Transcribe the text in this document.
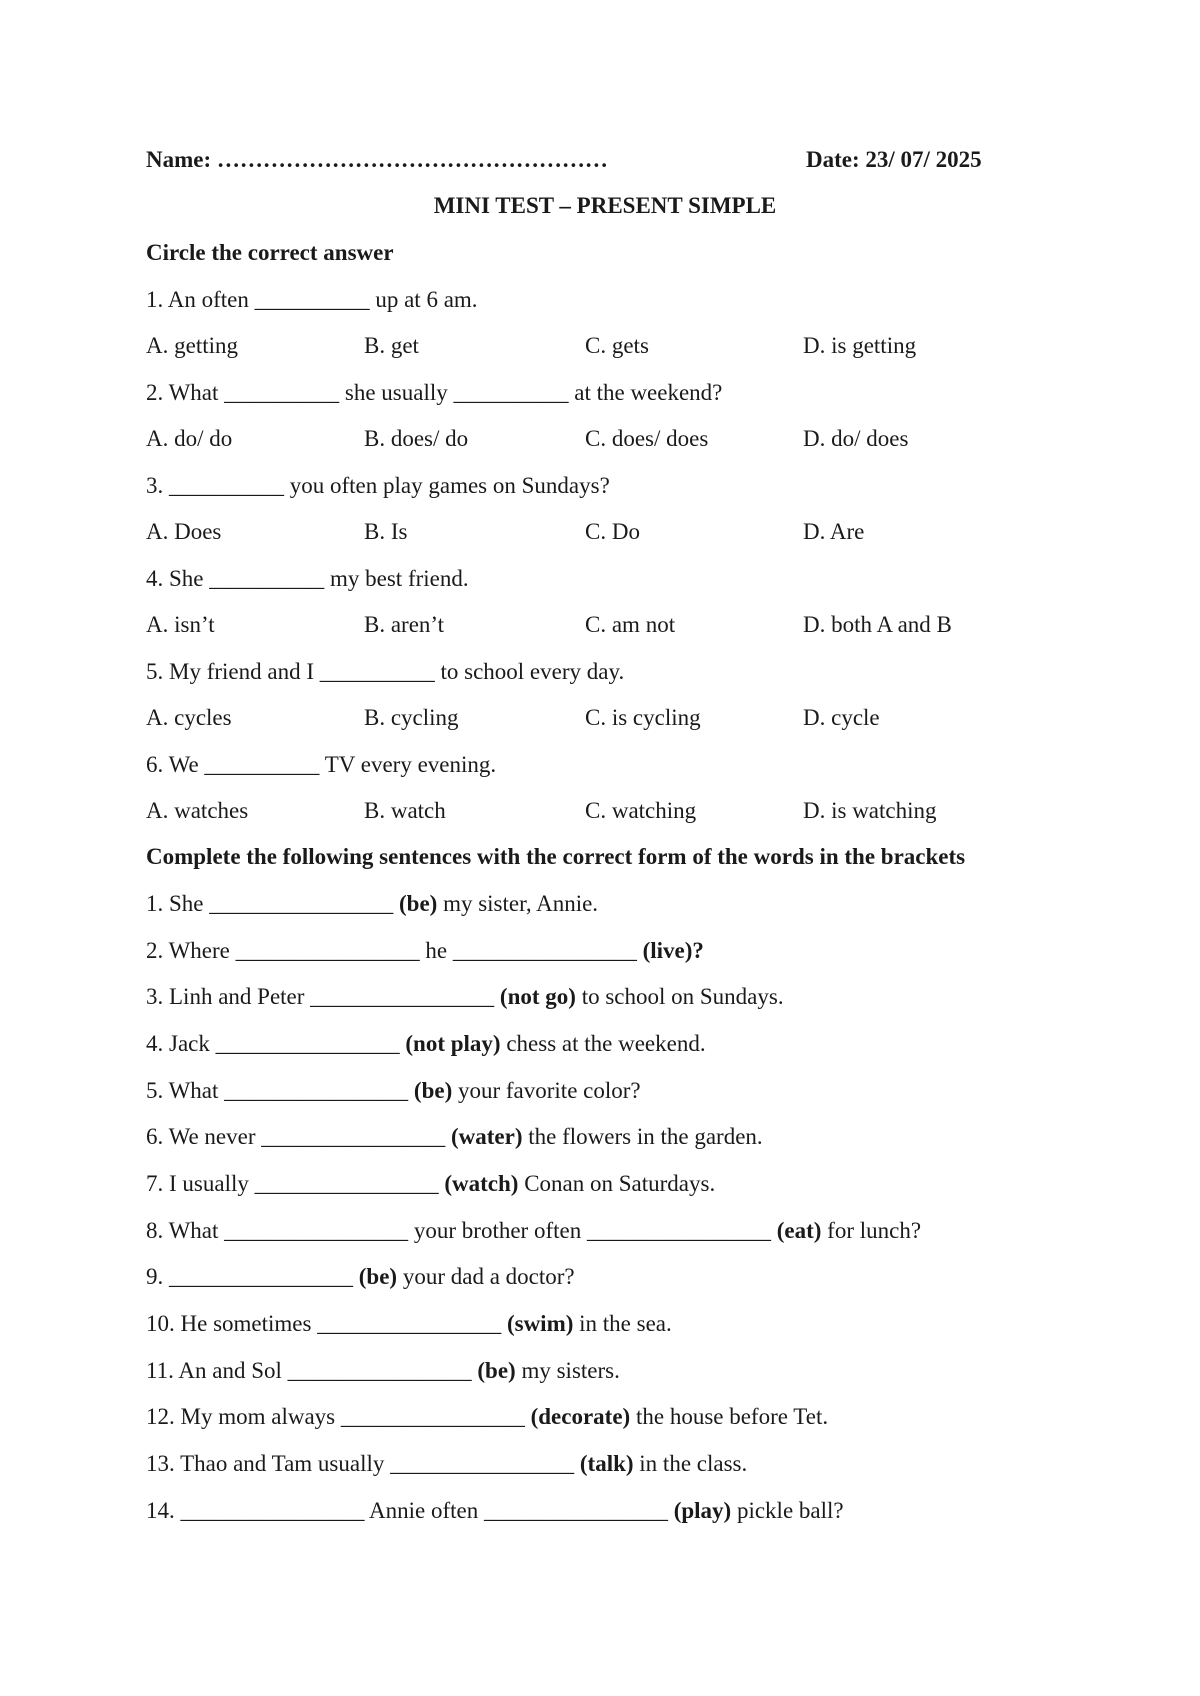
Name: ……………………………………………	Date: 23/ 07/ 2025
MINI TEST – PRESENT SIMPLE
Circle the correct answer
1. An often __________ up at 6 am.
A. getting	B. get	C. gets	D. is getting
2. What __________ she usually __________ at the weekend?
A. do/ do	B. does/ do	C. does/ does	D. do/ does
3. __________ you often play games on Sundays?
A. Does	B. Is	C. Do	D. Are
4. She __________ my best friend.
A. isn’t	B. aren’t	C. am not	D. both A and B
5. My friend and I __________ to school every day.
A. cycles	B. cycling	C. is cycling	D. cycle
6. We __________ TV every evening.
A. watches	B. watch	C. watching	D. is watching
Complete the following sentences with the correct form of the words in the brackets
1. She ________________ (be) my sister, Annie.
2. Where ________________ he ________________ (live)?
3. Linh and Peter ________________ (not go) to school on Sundays.
4. Jack ________________ (not play) chess at the weekend.
5. What ________________ (be) your favorite color?
6. We never ________________ (water) the flowers in the garden.
7. I usually ________________ (watch) Conan on Saturdays.
8. What ________________ your brother often ________________ (eat) for lunch?
9. ________________ (be) your dad a doctor?
10. He sometimes ________________ (swim) in the sea.
11. An and Sol ________________ (be) my sisters.
12. My mom always ________________ (decorate) the house before Tet.
13. Thao and Tam usually ________________ (talk) in the class.
14. ________________ Annie often ________________ (play) pickle ball?
